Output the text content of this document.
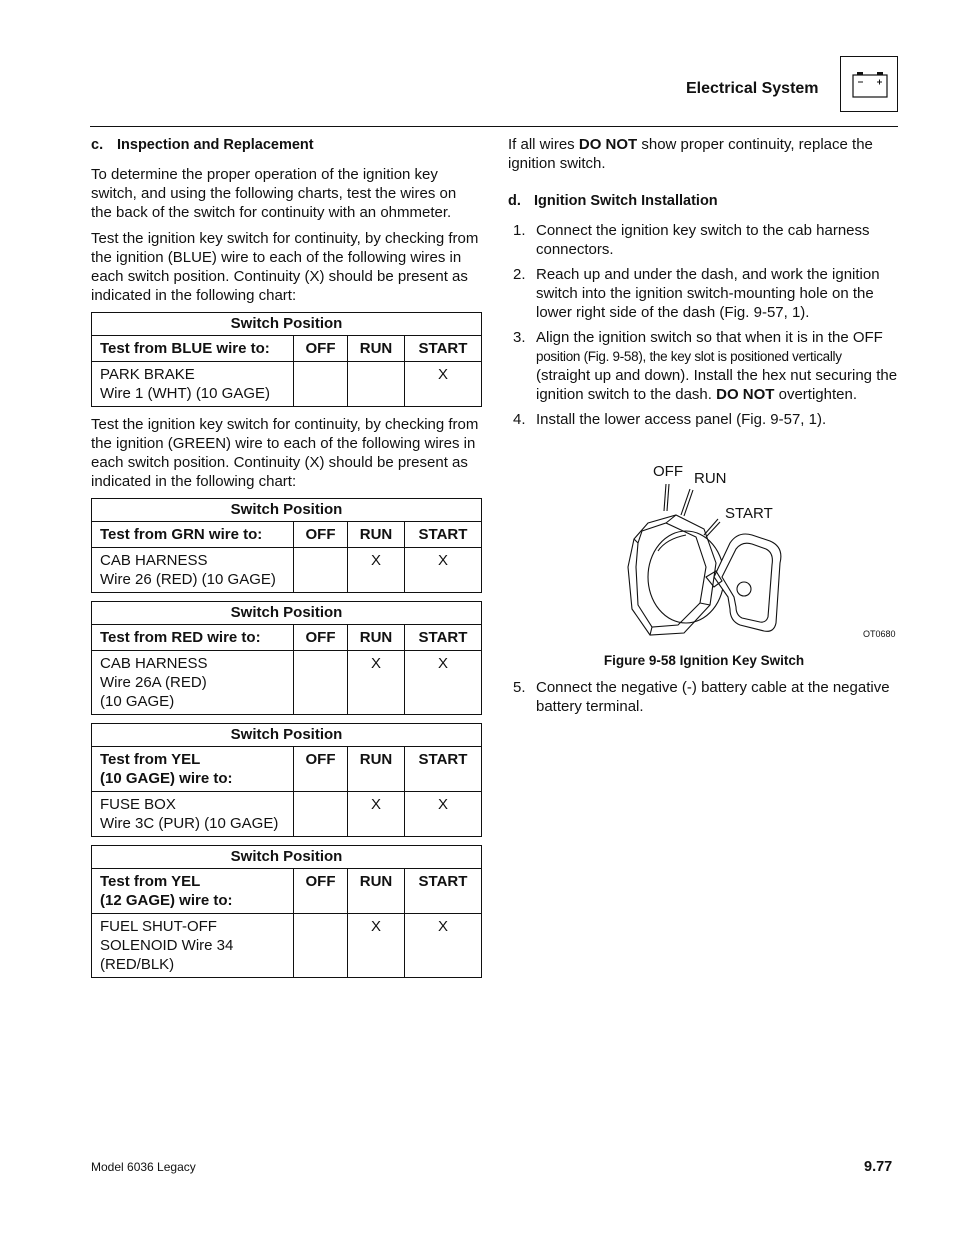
Electrical System
c. Inspection and Replacement

To determine the proper operation of the ignition key switch, and using the following charts, test the wires on the back of the switch for continuity with an ohmmeter.

Test the ignition key switch for continuity, by checking from the ignition (BLUE) wire to each of the following wires in each switch position. Continuity (X) should be present as indicated in the following chart:

Switch Position			
Test from BLUE wire to:	OFF	RUN	START
PARK BRAKE
Wire 1 (WHT) (10 GAGE)			X

Test the ignition key switch for continuity, by checking from the ignition (GREEN) wire to each of the following wires in each switch position. Continuity (X) should be present as indicated in the following chart:

Switch Position			
Test from GRN wire to:	OFF	RUN	START
CAB HARNESS
Wire 26 (RED) (10 GAGE)		X	X
Switch Position			
Test from RED wire to:	OFF	RUN	START
CAB HARNESS
Wire 26A (RED)
(10 GAGE)		X	X
Switch Position			
Test from YEL
(10 GAGE) wire to:	OFF	RUN	START
FUSE BOX
Wire 3C (PUR) (10 GAGE)		X	X
Switch Position			
Test from YEL
(12 GAGE) wire to:	OFF	RUN	START
FUEL SHUT-OFF
SOLENOID Wire 34
(RED/BLK)		X	X

If all wires DO NOT show proper continuity, replace the ignition switch.

d. Ignition Switch Installation
1. Connect the ignition key switch to the cab harness connectors.
2. Reach up and under the dash, and work the ignition switch into the ignition switch-mounting hole on the lower right side of the dash (Fig. 9-57, 1).
3. Align the ignition switch so that when it is in the OFF
position (Fig. 9-58), the key slot is positioned vertically
(straight up and down). Install the hex nut securing the ignition switch to the dash. DO NOT overtighten.
4. Install the lower access panel (Fig. 9-57, 1).
OFF RUN
START
OT0680
Figure 9-58 Ignition Key Switch
5. Connect the negative (-) battery cable at the negative battery terminal.
Model 6036 Legacy	9.77
